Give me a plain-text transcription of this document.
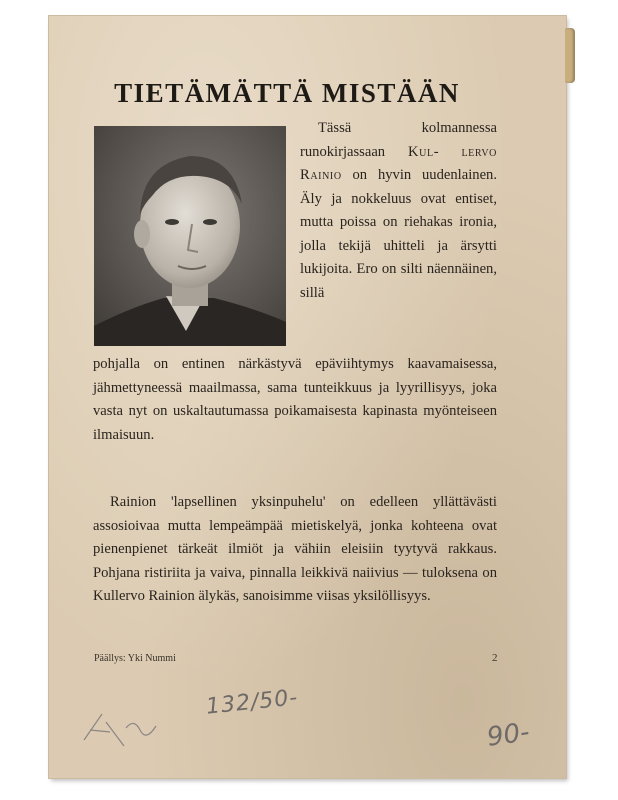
TIETÄMÄTTÄ MISTÄÄN

Tässä kolmannessa runokirjassaan Kul- lervo Rainio on hyvin uudenlainen. Äly ja nokkeluus ovat entiset, mutta poissa on riehakas ironia, jolla tekijä uhitteli ja ärsytti lukijoita. Ero on silti näennäinen, sillä

pohjalla on entinen närkästyvä epäviihtymys kaavamaisessa, jähmettyneessä maailmassa, sama tunteikkuus ja lyyrillisyys, joka vasta nyt on uskaltautumassa poikamaisesta kapinasta myönteiseen ilmaisuun.

Rainion 'lapsellinen yksinpuhelu' on edelleen yllättävästi assosioivaa mutta lempeämpää mietiskelyä, jonka kohteena ovat pienenpienet tärkeät ilmiöt ja vähiin eleisiin tyytyvä rakkaus. Pohjana ristiriita ja vaiva, pinnalla leikkivä naiivius — tuloksena on Kullervo Rainion älykäs, sanoisimme viisas yksilöllisyys.

Päällys: Yki Nummi	2
132/50-
90-
